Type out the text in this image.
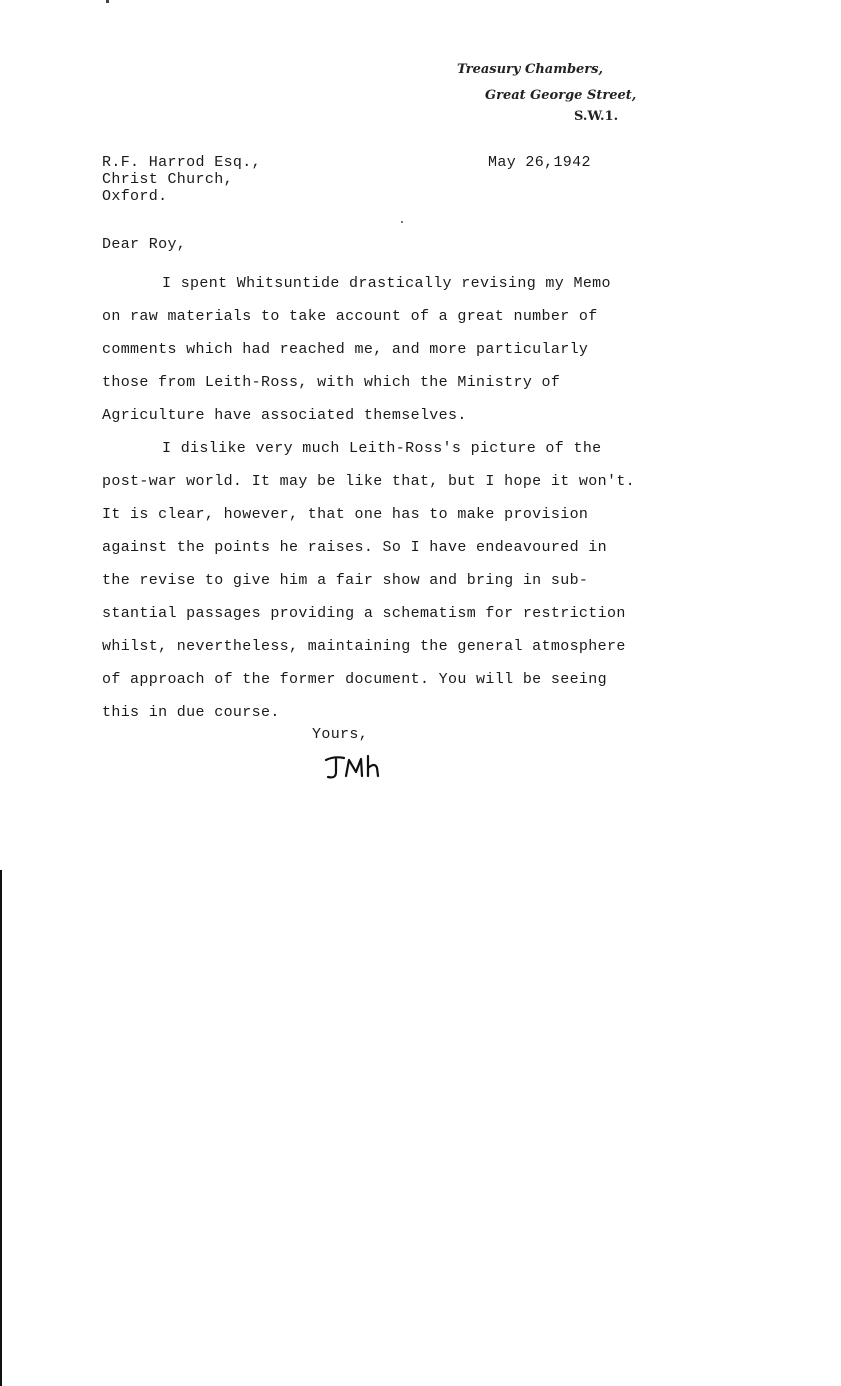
Treasury Chambers,
Great George Street,
S.W.1.
R.F. Harrod Esq.,
Christ Church,
Oxford.
May 26,1942
Dear Roy,
I spent Whitsuntide drastically revising my Memo
on raw materials to take account of a great number of
comments which had reached me, and more particularly
those from Leith-Ross, with which the Ministry of
Agriculture have associated themselves.
I dislike very much Leith-Ross's picture of the
post-war world. It may be like that, but I hope it won't.
It is clear, however, that one has to make provision
against the points he raises. So I have endeavoured in
the revise to give him a fair show and bring in sub-
stantial passages providing a schematism for restriction
whilst, nevertheless, maintaining the general atmosphere
of approach of the former document. You will be seeing
this in due course.
Yours,
